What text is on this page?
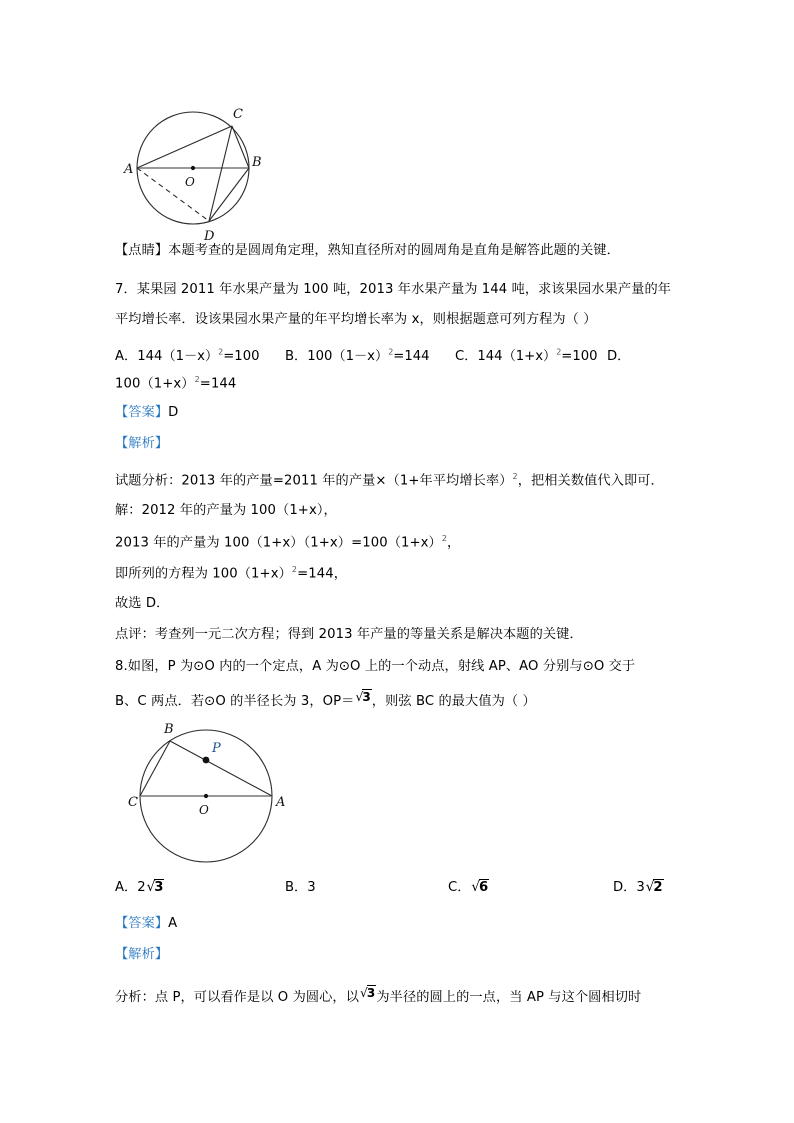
A	B
C
D
O
【点睛】本题考查的是圆周角定理，熟知直径所对的圆周角是直角是解答此题的关键．
7．某果园 2011 年水果产量为 100 吨，2013 年水果产量为 144 吨，求该果园水果产量的年
平均增长率．设该果园水果产量的年平均增长率为 x，则根据题意可列方程为（ ）
A．$144(1-x)^2=100$ B．$100(1-x)^2=144$ C．$144(1+x)^2=100$ D．
$100(1+x)^2=144$
【答案】D
【解析】
试题分析：2013 年的产量=2011 年的产量×（1+年平均增长率）$^2$，把相关数值代入即可．
解：2012 年的产量为 100（1+x），
2013 年的产量为 $100(1+x)(1+x)=100(1+x)^2$，
即所列的方程为 $100(1+x)^2=144$，
故选 D．
点评：考查列一元二次方程；得到 2013 年产量的等量关系是解决本题的关键．
8.如图，P 为⊙O 内的一个定点，A 为⊙O 上的一个动点，射线 AP、AO 分别与⊙O 交于
B、C 两点．若⊙O 的半径长为 3，OP＝√3，则弦 BC 的最大值为（ ）
B
A
C	O
P
A．2√3	B．3	C．√6	D．3√2
【答案】A
【解析】
分析：点 P，可以看作是以 O 为圆心，以√3为半径的圆上的一点，当 AP 与这个圆相切时
